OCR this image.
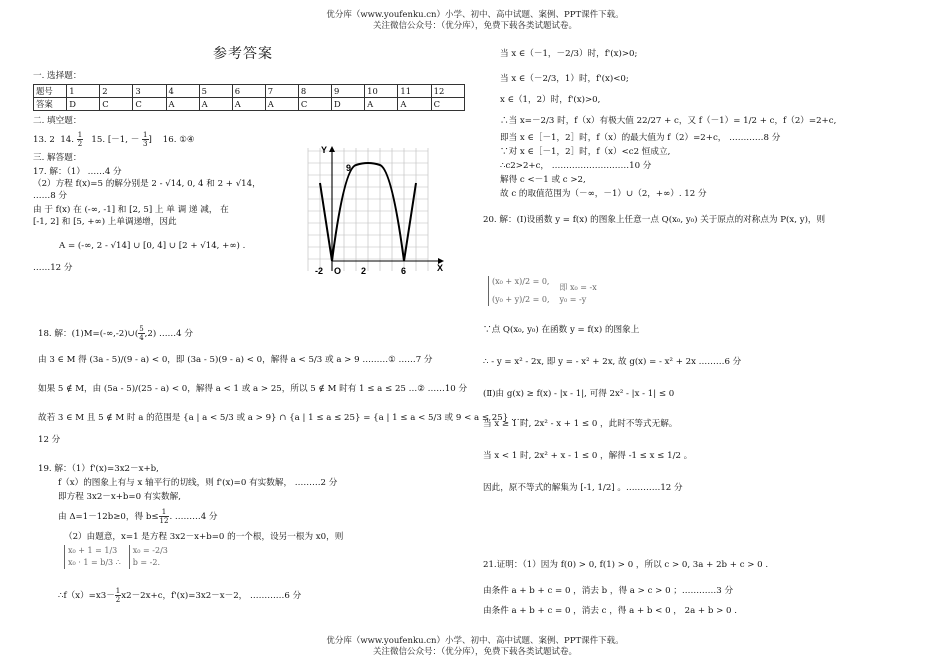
优分库（www.youfenku.cn）小学、初中、高中试题、案例、PPT课件下载。
关注微信公众号：（优分库），免费下载各类试题试卷。
参考答案
一. 选择题：
题号	1	2	3	4	5	6	7	8	9	10	11	12
答案	D	C	C	A	A	A	A	C	D	A	A	C
二. 填空题：
13. 2 14. $\frac{1}{2} 15$. [－1, － $\frac{1}{3}$ ] 16. ①④
三. 解答题：
17. 解：（1） ……4 分
（2）方程 f(x)=5 的解分别是 2 - √14, 0, 4 和 2 + √14，
……8 分
由 于 f(x) 在 (-∞, -1] 和 [2, 5] 上 单 调 递 减， 在
[-1, 2] 和 [5, +∞) 上单调递增，因此
A = (-∞, 2 - √14] ∪ [0, 4] ∪ [2 + √14, +∞) .
……12 分
Y
X
9
-2 O 2	6
18. 解：(1)M=(-∞,-2)∪( $\frac{5}{4} ,2$) ……4 分
由 3 ∈ M 得 (3a - 5)/(9 - a) < 0，即 (3a - 5)(9 - a) < 0，解得 a < 5/3 或 a > 9 ………① ……7 分
如果 5 ∉ M，由 (5a - 5)/(25 - a) < 0，解得 a < 1 或 a > 25，所以 5 ∉ M 时有 1 ≤ a ≤ 25 …② ……10 分
故若 3 ∈ M 且 5 ∉ M 时 a 的范围是 {a | a < 5/3 或 a > 9} ∩ {a | 1 ≤ a ≤ 25} = {a | 1 ≤ a < 5/3 或 9 < a ≤ 25} ……
12 分
19. 解：（1）f'(x)=3x2－x+b,
f（x）的图象上有与 x 轴平行的切线，则 f'(x)=0 有实数解， ………2 分
即方程 3x2－x+b=0 有实数解,
由 Δ=1－12b≥0，得 $b\le \frac{1}{12}$ . ………4 分
（2）由题意，x=1 是方程 3x2－x+b=0 的一个根，设另一根为 x0，则
x₀ + 1 = 1/3
x₀ · 1 = b/3 ∴
x₀ = -2/3
b = -2.
∴f（x）=x3－ $\frac{1}{2} x2-2x+c$，f'(x)=3x2－x－2， …………6 分
当 x ∈（－1，－2/3）时，f'(x)>0;
当 x ∈（－2/3，1）时，f'(x)<0;
x ∈（1，2）时，f'(x)>0,
∴当 x=－2/3 时，f（x）有极大值 22/27 + c，又 f（－1）= 1/2 + c，f（2）=2+c,
即当 x ∈［－1，2］时，f（x）的最大值为 f（2）=2+c， …………8 分
∵对 x ∈［－1，2］时，f（x）<c2 恒成立,
∴c2>2+c， ………………………10 分
解得 c <－1 或 c >2,
故 c 的取值范围为（－∞，－1）∪（2，+∞）. 12 分
20. 解：(Ⅰ)设函数 y = f(x) 的图象上任意一点 Q(x₀, y₀) 关于原点的对称点为 P(x, y)，则
(x₀ + x)/2 = 0,
(y₀ + y)/2 = 0,
即 x₀ = -x
y₀ = -y
∵点 Q(x₀, y₀) 在函数 y = f(x) 的图象上
∴ - y = x² - 2x, 即 y = - x² + 2x, 故 g(x) = - x² + 2x ………6 分
(Ⅱ)由 g(x) ≥ f(x) - |x - 1|, 可得 2x² - |x - 1| ≤ 0
当 x ≥ 1 时, 2x² - x + 1 ≤ 0 ，此时不等式无解。
当 x < 1 时, 2x² + x - 1 ≤ 0 ，解得 -1 ≤ x ≤ 1/2 。
因此，原不等式的解集为 [-1, 1/2] 。…………12 分
21.证明：（1）因为 f(0) > 0, f(1) > 0 ，所以 c > 0, 3a + 2b + c > 0 .
由条件 a + b + c = 0 ，消去 b ，得 a > c > 0 ；…………3 分
由条件 a + b + c = 0 ，消去 c ，得 a + b < 0 ， 2a + b > 0 .
优分库（www.youfenku.cn）小学、初中、高中试题、案例、PPT课件下载。
关注微信公众号：（优分库），免费下载各类试题试卷。
